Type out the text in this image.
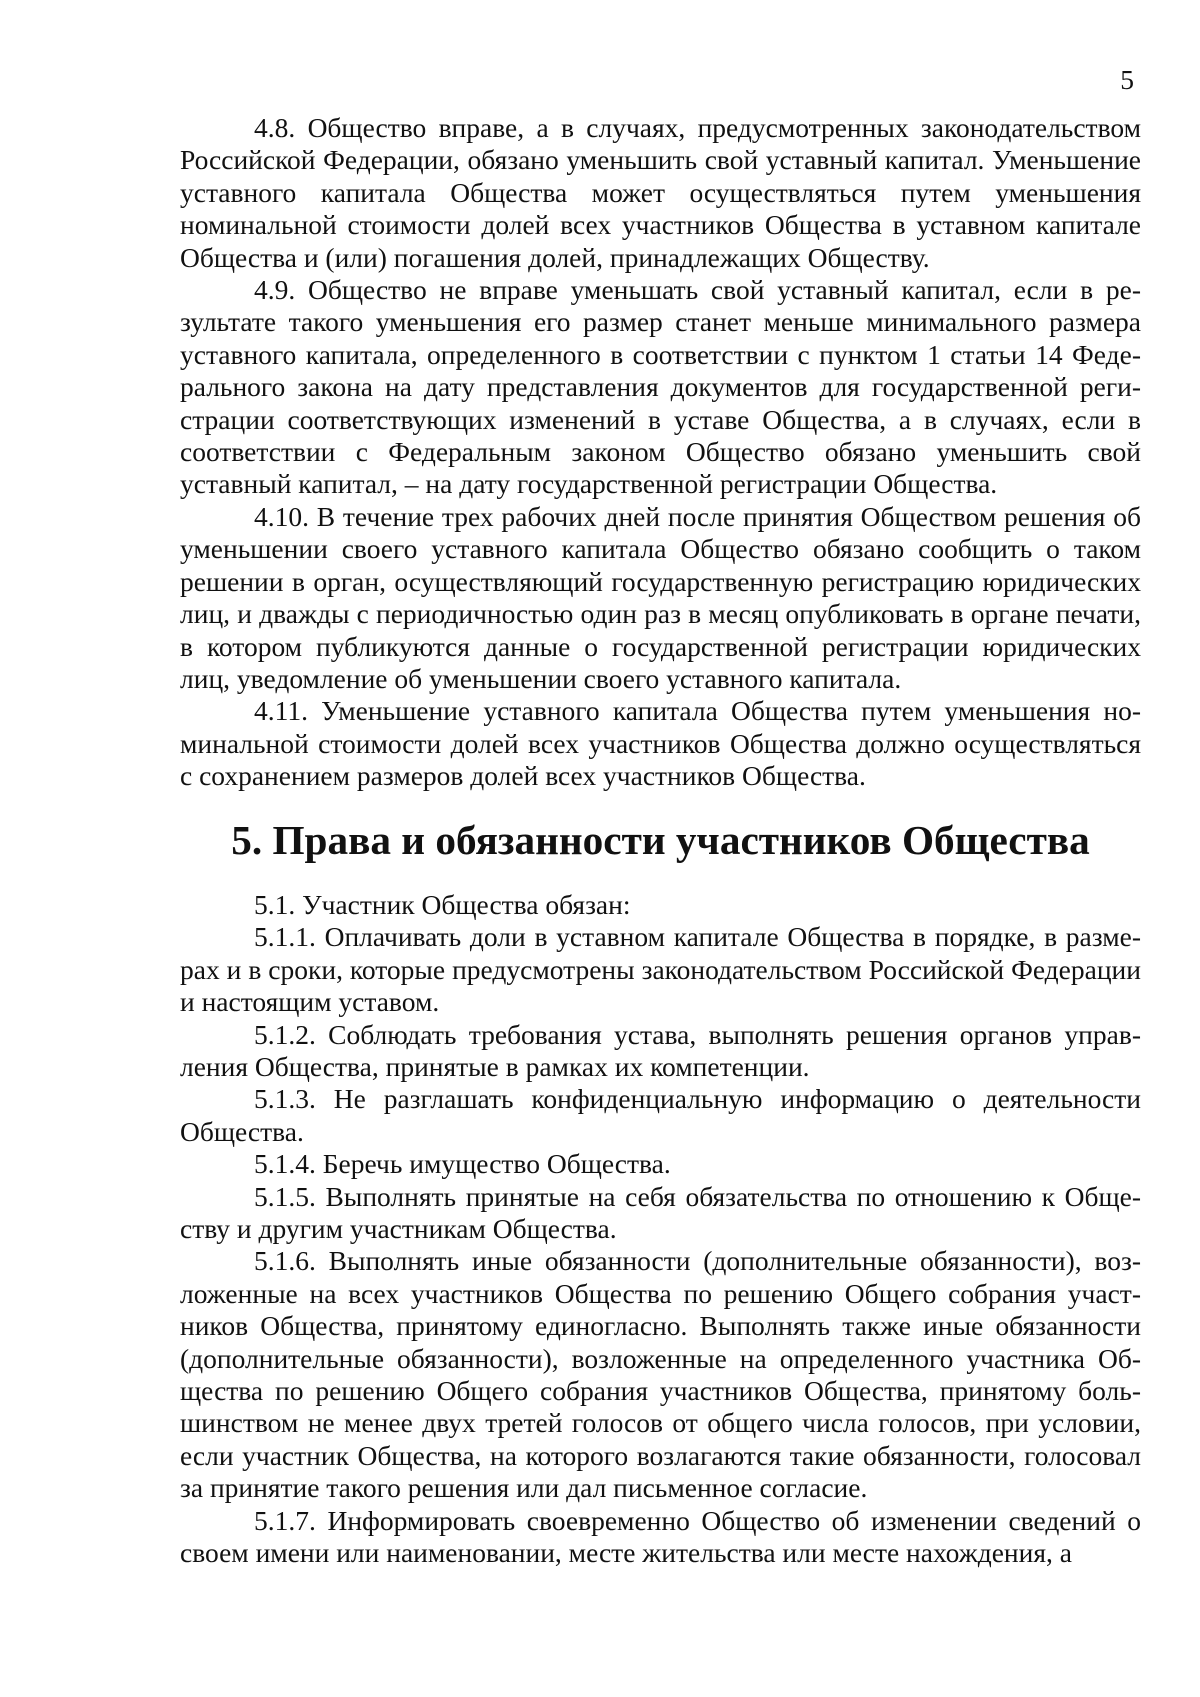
5

4.8. Общество вправе, а в случаях, предусмотренных законодательством Российской Федерации, обязано уменьшить свой уставный капитал. Уменьшение уставного капитала Общества может осуществляться путем уменьшения номинальной стоимости долей всех участников Общества в уставном капитале Общества и (или) погашения долей, принадлежащих Обществу.

4.9. Общество не вправе уменьшать свой уставный капитал, если в результате такого уменьшения его размер станет меньше минимального размера уставного капитала, определенного в соответствии с пунктом 1 статьи 14 Федерального закона на дату представления документов для государственной регистрации соответствующих изменений в уставе Общества, а в случаях, если в соответствии с Федеральным законом Общество обязано уменьшить свой уставный капитал, – на дату государственной регистрации Общества.

4.10. В течение трех рабочих дней после принятия Обществом решения об уменьшении своего уставного капитала Общество обязано сообщить о таком решении в орган, осуществляющий государственную регистрацию юридических лиц, и дважды с периодичностью один раз в месяц опубликовать в органе печати, в котором публикуются данные о государственной регистрации юридических лиц, уведомление об уменьшении своего уставного капитала.

4.11. Уменьшение уставного капитала Общества путем уменьшения номинальной стоимости долей всех участников Общества должно осуществляться с сохранением размеров долей всех участников Общества.

5. Права и обязанности участников Общества

5.1. Участник Общества обязан:

5.1.1. Оплачивать доли в уставном капитале Общества в порядке, в размерах и в сроки, которые предусмотрены законодательством Российской Федерации и настоящим уставом.

5.1.2. Соблюдать требования устава, выполнять решения органов управления Общества, принятые в рамках их компетенции.

5.1.3. Не разглашать конфиденциальную информацию о деятельности Общества.

5.1.4. Беречь имущество Общества.

5.1.5. Выполнять принятые на себя обязательства по отношению к Обществу и другим участникам Общества.

5.1.6. Выполнять иные обязанности (дополнительные обязанности), возложенные на всех участников Общества по решению Общего собрания участников Общества, принятому единогласно. Выполнять также иные обязанности (дополнительные обязанности), возложенные на определенного участника Общества по решению Общего собрания участников Общества, принятому большинством не менее двух третей голосов от общего числа голосов, при условии, если участник Общества, на которого возлагаются такие обязанности, голосовал за принятие такого решения или дал письменное согласие.

5.1.7. Информировать своевременно Общество об изменении сведений о своем имени или наименовании, месте жительства или месте нахождения, а
